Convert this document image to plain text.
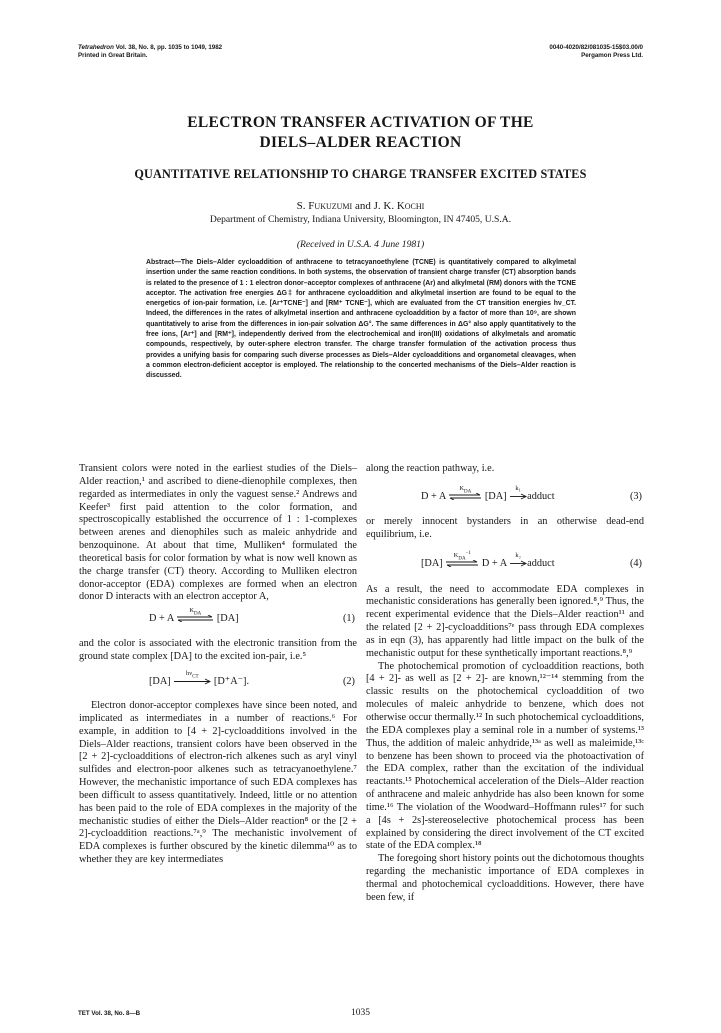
Tetrahedron Vol. 38, No. 8, pp. 1035 to 1049, 1982
Printed in Great Britain.
0040-4020/82/081035-15$03.00/0
Pergamon Press Ltd.
ELECTRON TRANSFER ACTIVATION OF THE
DIELS–ALDER REACTION
QUANTITATIVE RELATIONSHIP TO CHARGE TRANSFER EXCITED STATES
S. Fukuzumi and J. K. Kochi
Department of Chemistry, Indiana University, Bloomington, IN 47405, U.S.A.
(Received in U.S.A. 4 June 1981)
Abstract—The Diels–Alder cycloaddition of anthracene to tetracyanoethylene (TCNE) is quantitatively compared to alkylmetal insertion under the same reaction conditions. In both systems, the observation of transient charge transfer (CT) absorption bands is related to the presence of 1 : 1 electron donor–acceptor complexes of anthracene (Ar) and alkylmetal (RM) donors with the TCNE acceptor. The activation free energies ΔG‡ for anthracene cycloaddition and alkylmetal insertion are found to be equal to the energetics of ion-pair formation, i.e. [Ar⁺TCNE⁻] and [RM⁺ TCNE⁻], which are evaluated from the CT transition energies hν_CT. Indeed, the differences in the rates of alkylmetal insertion and anthracene cycloaddition by a factor of more than 10⁹, are shown quantitatively to arise from the differences in ion-pair solvation ΔG°. The same differences in ΔG° also apply quantitatively to the free ions, [Ar⁺] and [RM⁺], independently derived from the electrochemical and iron(III) oxidations of alkylmetals and aromatic compounds, respectively, by outer-sphere electron transfer. The charge transfer formulation of the activation process thus provides a unifying basis for comparing such diverse processes as Diels–Alder cycloadditions and organometal cleavages, when a common electron-deficient acceptor is employed. The relationship to the concerted mechanisms of the Diels–Alder reaction is discussed.

Transient colors were noted in the earliest studies of the Diels–Alder reaction,¹ and ascribed to diene-dienophile complexes, then regarded as intermediates in only the vaguest sense.² Andrews and Keefer³ first paid attention to the color formation, and spectroscopically established the occurrence of 1 : 1-complexes between arenes and dienophiles such as maleic anhydride and benzoquinone. At about that time, Mulliken⁴ formulated the theoretical basis for color formation by what is now well known as the charge transfer (CT) theory. According to Mulliken electron donor-acceptor (EDA) complexes are formed when an electron donor D interacts with an electron acceptor A,

D + A
$K_{DA}$	[DA]	(1)

and the color is associated with the electronic transition from the ground state complex [DA] to the excited ion-pair, i.e.⁵

[DA]
$h\nu_{CT}$	[D⁺A⁻].	(2)

Electron donor-acceptor complexes have since been noted, and implicated as intermediates in a number of reactions.⁶ For example, in addition to [4 + 2]-cycloadditions involved in the Diels–Alder reactions, transient colors have been observed in the [2 + 2]-cycloadditions of electron-rich alkenes such as aryl vinyl sulfides and electron-poor alkenes such as tetracyanoethylene.⁷ However, the mechanistic importance of such EDA complexes has been difficult to assess quantitatively. Indeed, little or no attention has been paid to the role of EDA complexes in the majority of the mechanistic studies of either the Diels–Alder reaction⁸ or the [2 + 2]-cycloaddition reactions.⁷ᵃ,⁹ The mechanistic involvement of EDA complexes is further obscured by the kinetic dilemma¹⁰ as to whether they are key intermediates

along the reaction pathway, i.e.

D + A
$K_{DA}$	[DA]
k₁
adduct	(3)

or merely innocent bystanders in an otherwise dead-end equilibrium, i.e.

[DA]
$K_{DA}^{-1}$
D + A
k₂
adduct	(4)

As a result, the need to accommodate EDA complexes in mechanistic considerations has generally been ignored.⁸,⁹ Thus, the recent experimental evidence that the Diels–Alder reaction¹¹ and the related [2 + 2]-cycloadditions⁷ᵉ pass through EDA complexes as in eqn (3), has apparently had little impact on the bulk of the mechanistic output for these synthetically important reactions.⁸,⁹

The photochemical promotion of cycloaddition reactions, both [4 + 2]- as well as [2 + 2]- are known,¹²⁻¹⁴ stemming from the classic results on the photochemical cycloaddition of two molecules of maleic anhydride to benzene, which does not otherwise occur thermally.¹² In such photochemical cycloadditions, the EDA complexes play a seminal role in a number of systems.¹³ Thus, the addition of maleic anhydride,¹³ᵃ as well as maleimide,¹³ᶜ to benzene has been shown to proceed via the photoactivation of the EDA complex, rather than the excitation of the individual reactants.¹⁵ Photochemical acceleration of the Diels–Alder reaction of anthracene and maleic anhydride has also been known for some time.¹⁶ The violation of the Woodward–Hoffmann rules¹⁷ for such a [4s + 2s]-stereoselective photochemical process has been explained by considering the direct involvement of the CT excited state of the EDA complex.¹⁸

The foregoing short history points out the dichotomous thoughts regarding the mechanistic importance of EDA complexes in thermal and photochemical cycloadditions. However, there have been few, if

TET Vol. 38, No. 8—B	1035
